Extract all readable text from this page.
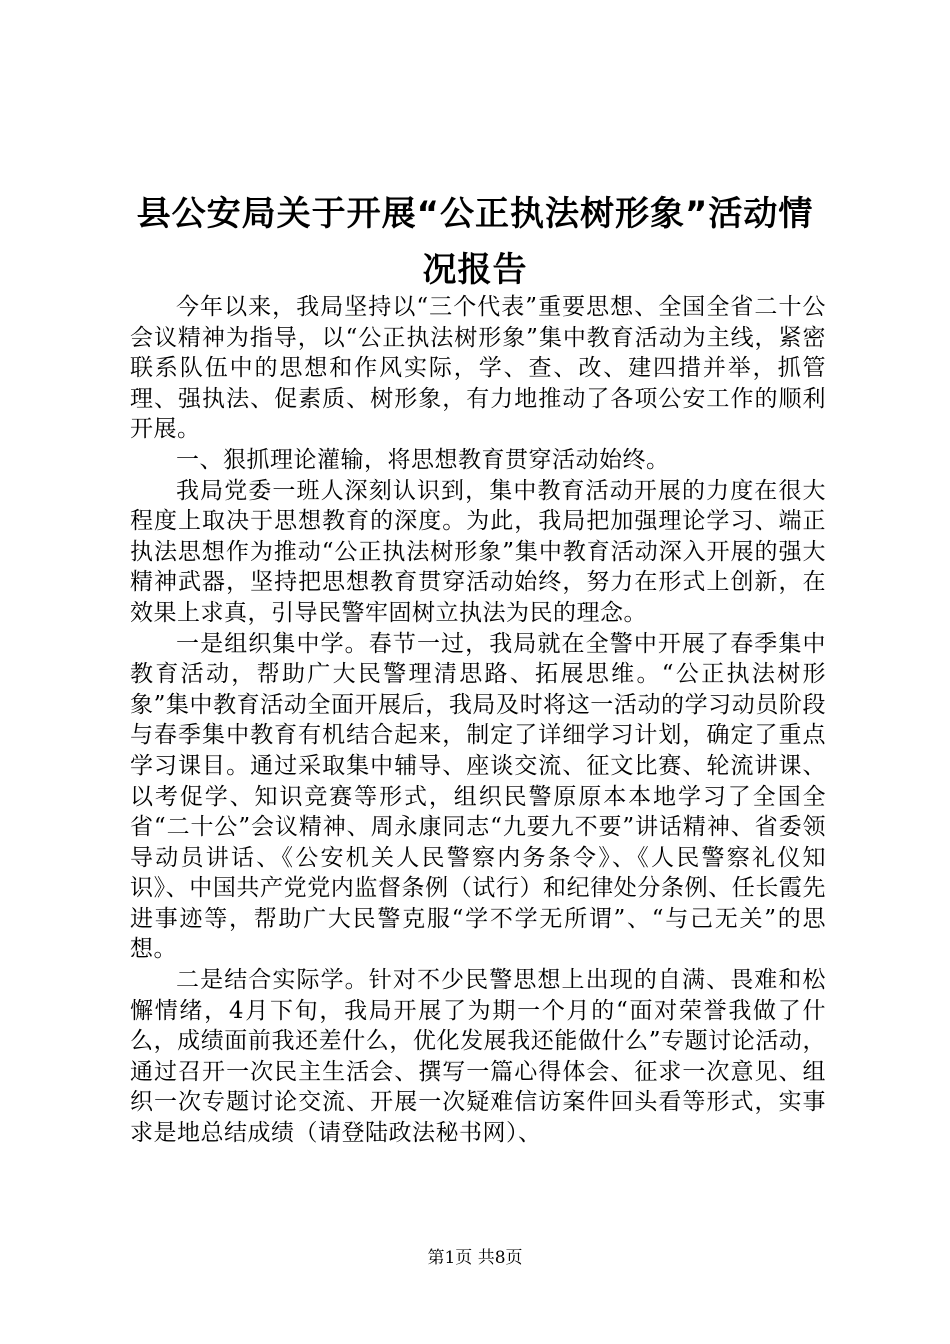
县公安局关于开展“公正执法树形象”活动情
况报告

今年以来，我局坚持以“三个代表”重要思想、全国全省二十公会议精神为指导，以“公正执法树形象”集中教育活动为主线，紧密联系队伍中的思想和作风实际，学、查、改、建四措并举，抓管理、强执法、促素质、树形象，有力地推动了各项公安工作的顺利开展。

一、狠抓理论灌输，将思想教育贯穿活动始终。

我局党委一班人深刻认识到，集中教育活动开展的力度在很大程度上取决于思想教育的深度。为此，我局把加强理论学习、端正执法思想作为推动“公正执法树形象”集中教育活动深入开展的强大精神武器，坚持把思想教育贯穿活动始终，努力在形式上创新，在效果上求真，引导民警牢固树立执法为民的理念。

一是组织集中学。春节一过，我局就在全警中开展了春季集中教育活动，帮助广大民警理清思路、拓展思维。“公正执法树形象”集中教育活动全面开展后，我局及时将这一活动的学习动员阶段与春季集中教育有机结合起来，制定了详细学习计划，确定了重点学习课目。通过采取集中辅导、座谈交流、征文比赛、轮流讲课、以考促学、知识竞赛等形式，组织民警原原本本地学习了全国全省“二十公”会议精神、周永康同志“九要九不要”讲话精神、省委领导动员讲话、《公安机关人民警察内务条令》、《人民警察礼仪知识》、中国共产党党内监督条例（试行）和纪律处分条例、任长霞先进事迹等，帮助广大民警克服“学不学无所谓”、“与己无关”的思想。

二是结合实际学。针对不少民警思想上出现的自满、畏难和松懈情绪，4月下旬，我局开展了为期一个月的“面对荣誉我做了什么，成绩面前我还差什么，优化发展我还能做什么”专题讨论活动，通过召开一次民主生活会、撰写一篇心得体会、征求一次意见、组织一次专题讨论交流、开展一次疑难信访案件回头看等形式，实事求是地总结成绩（请登陆政法秘书网）、

第1页 共8页
